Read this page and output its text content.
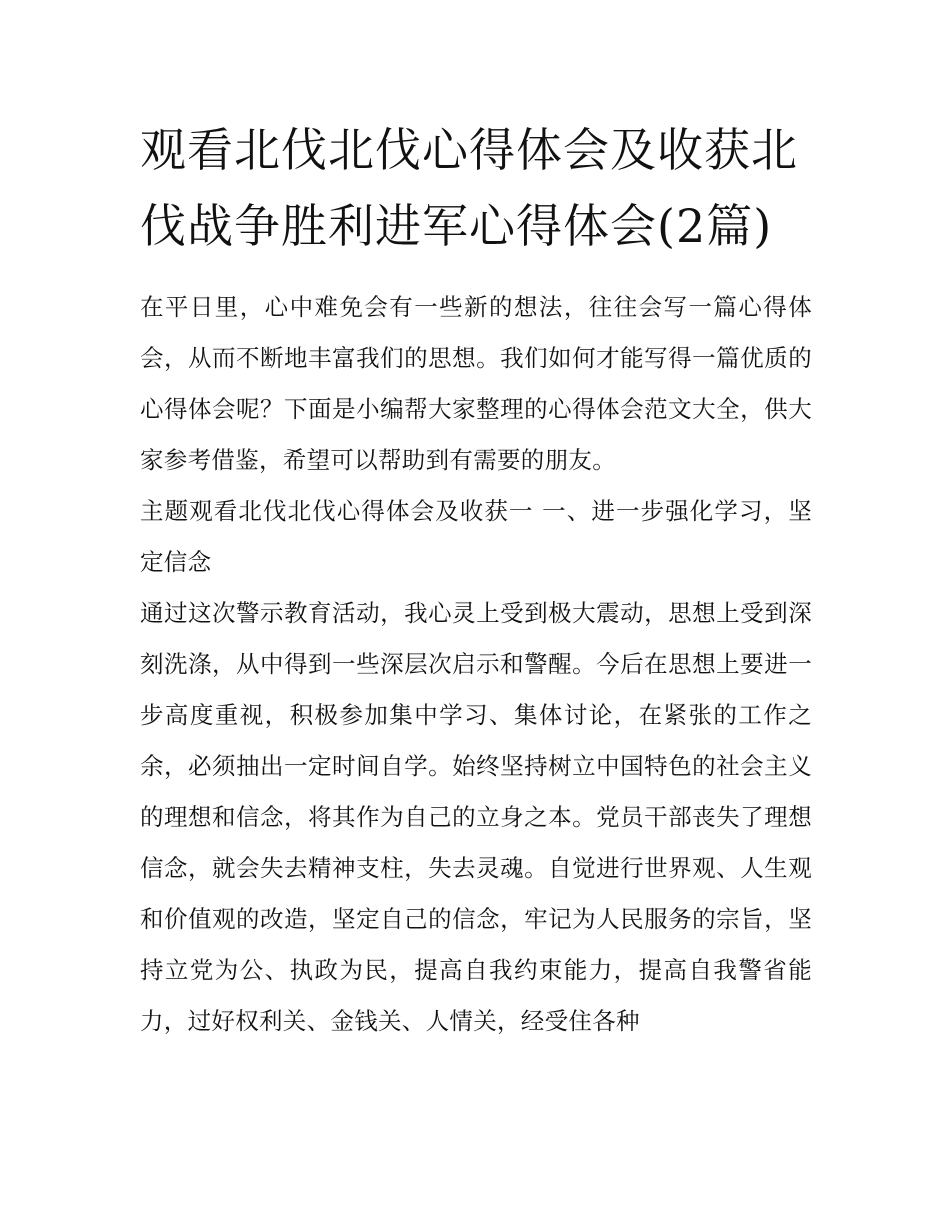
观看北伐北伐心得体会及收获北伐战争胜利进军心得体会(2篇)

在平日里，心中难免会有一些新的想法，往往会写一篇心得体会，从而不断地丰富我们的思想。我们如何才能写得一篇优质的心得体会呢？下面是小编帮大家整理的心得体会范文大全，供大家参考借鉴，希望可以帮助到有需要的朋友。

主题观看北伐北伐心得体会及收获一 一、进一步强化学习，坚定信念

通过这次警示教育活动，我心灵上受到极大震动，思想上受到深刻洗涤，从中得到一些深层次启示和警醒。今后在思想上要进一步高度重视，积极参加集中学习、集体讨论，在紧张的工作之余，必须抽出一定时间自学。始终坚持树立中国特色的社会主义的理想和信念，将其作为自己的立身之本。党员干部丧失了理想信念，就会失去精神支柱，失去灵魂。自觉进行世界观、人生观和价值观的改造，坚定自己的信念，牢记为人民服务的宗旨，坚持立党为公、执政为民，提高自我约束能力，提高自我警省能力，过好权利关、金钱关、人情关，经受住各种
